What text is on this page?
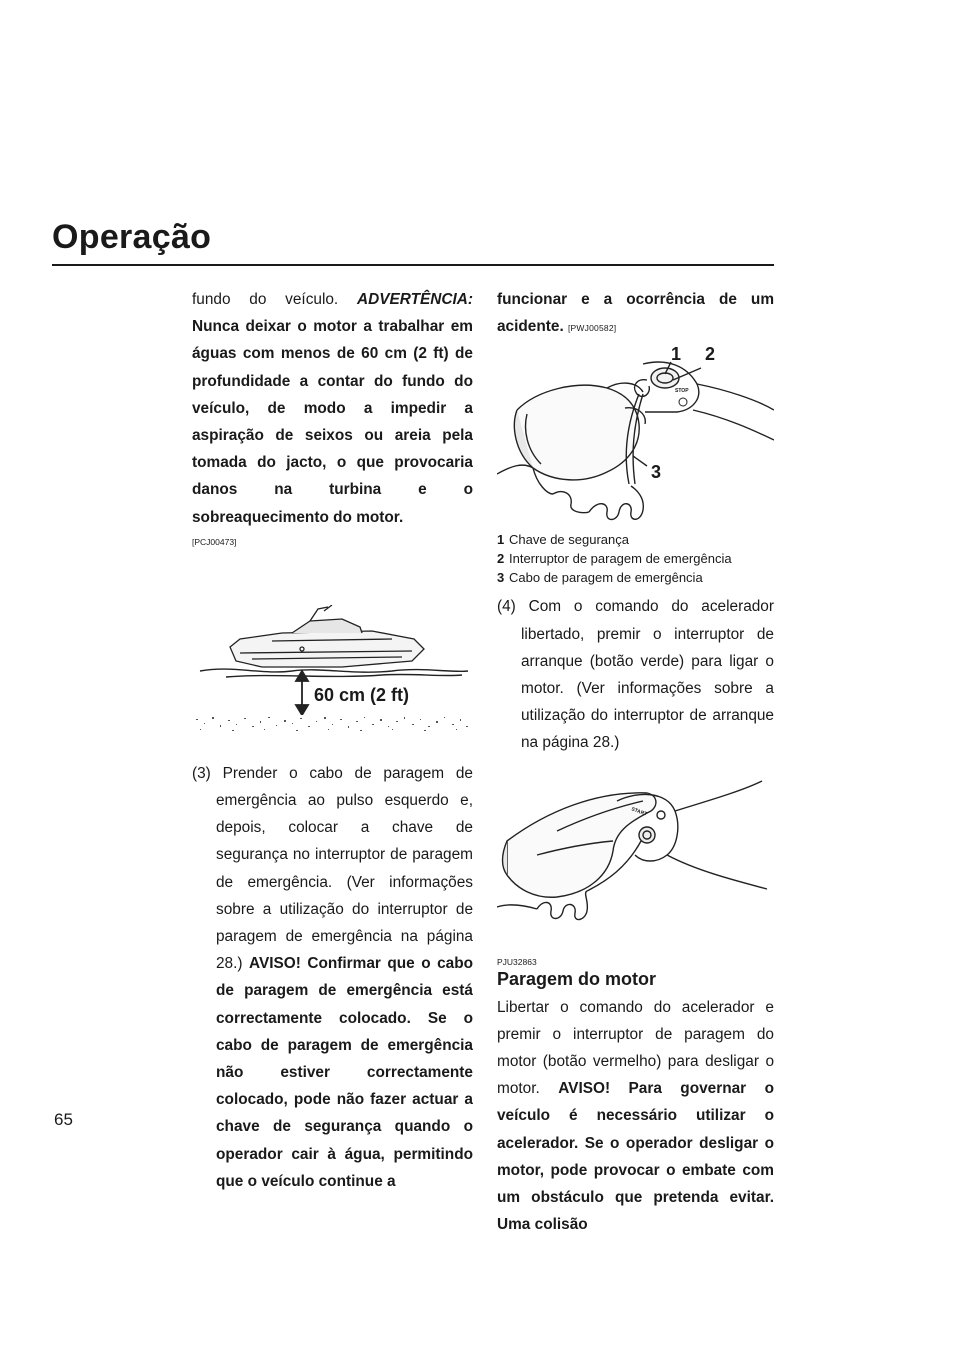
Operação
65

fundo do veículo. ADVERTÊNCIA: Nunca deixar o motor a trabalhar em águas com menos de 60 cm (2 ft) de profundidade a contar do fundo do veículo, de modo a impedir a aspiração de seixos ou areia pela tomada do jacto, o que provocaria danos na turbina e o sobreaquecimento do motor.

[PCJ00473]
60 cm (2 ft)

(3) Prender o cabo de paragem de emergência ao pulso esquerdo e, depois, colocar a chave de segurança no interruptor de paragem de emergência. (Ver informações sobre a utilização do interruptor de paragem de emergência na página 28.) AVISO! Confirmar que o cabo de paragem de emergência está correctamente colocado. Se o cabo de paragem de emergência não estiver correctamente colocado, pode não fazer actuar a chave de segurança quando o operador cair à água, permitindo que o veículo continue a

funcionar e a ocorrência de um acidente. [PWJ00582]

1 2
3
STOP
1 Chave de segurança
2 Interruptor de paragem de emergência
3 Cabo de paragem de emergência

(4) Com o comando do acelerador libertado, premir o interruptor de arranque (botão verde) para ligar o motor. (Ver informações sobre a utilização do interruptor de arranque na página 28.)

START
PJU32863
Paragem do motor

Libertar o comando do acelerador e premir o interruptor de paragem do motor (botão vermelho) para desligar o motor. AVISO! Para governar o veículo é necessário utilizar o acelerador. Se o operador desligar o motor, pode provocar o embate com um obstáculo que pretenda evitar. Uma colisão
